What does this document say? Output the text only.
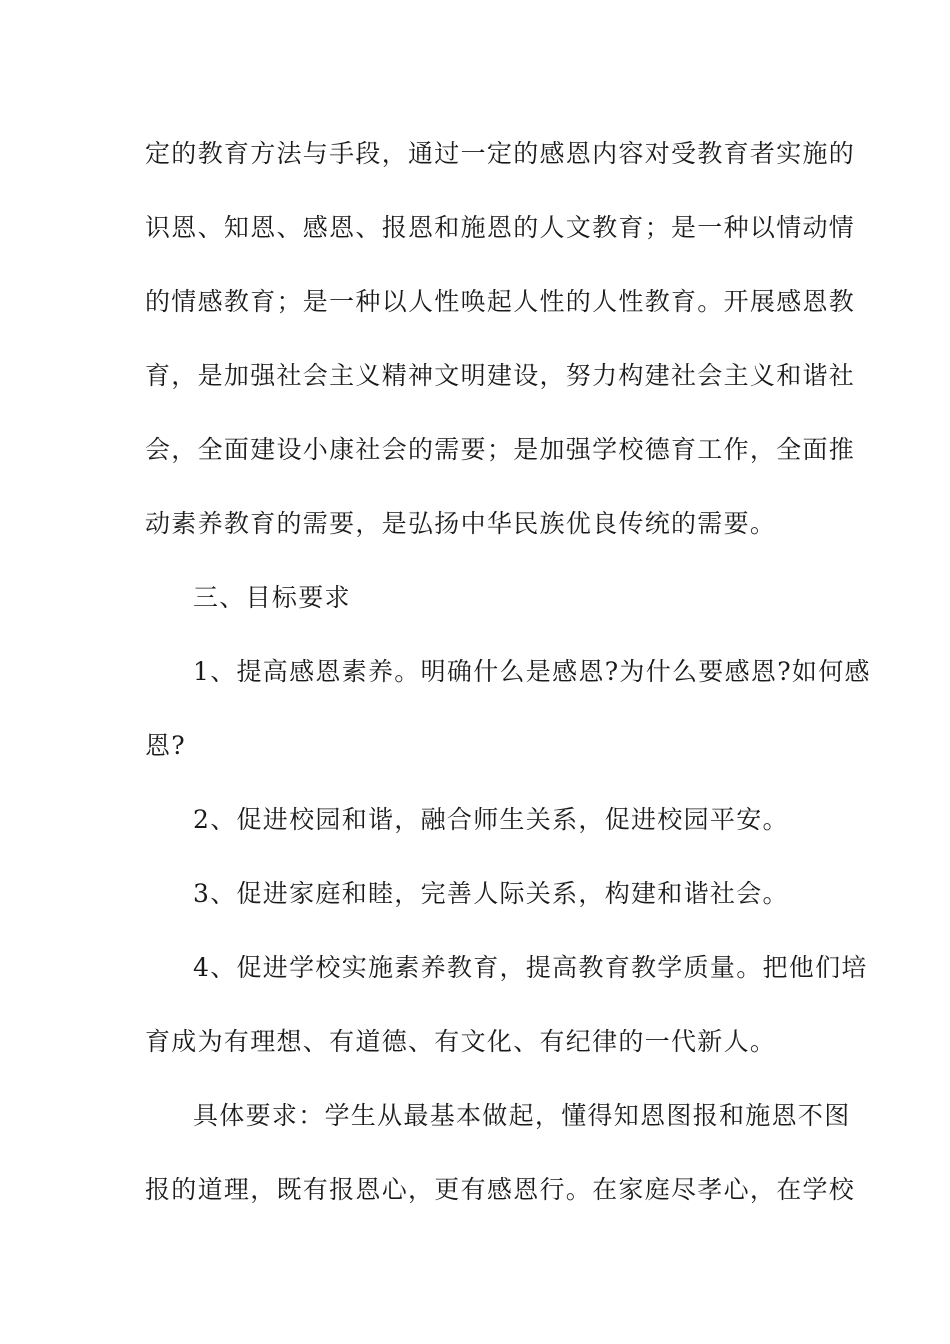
定的教育方法与手段，通过一定的感恩内容对受教育者实施的
识恩、知恩、感恩、报恩和施恩的人文教育；是一种以情动情
的情感教育；是一种以人性唤起人性的人性教育。开展感恩教
育，是加强社会主义精神文明建设，努力构建社会主义和谐社
会，全面建设小康社会的需要；是加强学校德育工作，全面推
动素养教育的需要，是弘扬中华民族优良传统的需要。
三、目标要求
1、提高感恩素养。明确什么是感恩?为什么要感恩?如何感
恩?
2、促进校园和谐，融合师生关系，促进校园平安。
3、促进家庭和睦，完善人际关系，构建和谐社会。
4、促进学校实施素养教育，提高教育教学质量。把他们培
育成为有理想、有道德、有文化、有纪律的一代新人。
具体要求：学生从最基本做起，懂得知恩图报和施恩不图
报的道理，既有报恩心，更有感恩行。在家庭尽孝心，在学校
